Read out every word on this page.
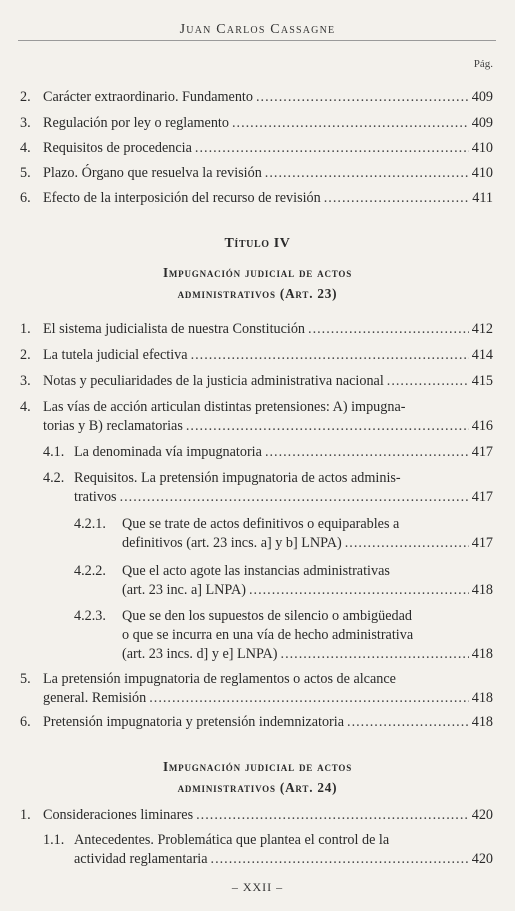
Juan Carlos Cassagne
Pág.
2. Carácter extraordinario. Fundamento .....	409
3. Regulación por ley o reglamento .....	409
4. Requisitos de procedencia .....	410
5. Plazo. Órgano que resuelva la revisión .....	410
6. Efecto de la interposición del recurso de revisión .....	411
Título IV
Impugnación judicial de actos
administrativos (Art. 23)
1. El sistema judicialista de nuestra Constitución .....	412
2. La tutela judicial efectiva .....	414
3. Notas y peculiaridades de la justicia administrativa nacional .....	415
4. Las vías de acción articulan distintas pretensiones: A) impugna-
torias y B) reclamatorias .....	416
4.1. La denominada vía impugnatoria .....	417
4.2. Requisitos. La pretensión impugnatoria de actos adminis-
trativos .....	417
4.2.1. Que se trate de actos definitivos o equiparables a
definitivos (art. 23 incs. a] y b] LNPA) .....	417
4.2.2. Que el acto agote las instancias administrativas
(art. 23 inc. a] LNPA) .....	418
4.2.3. Que se den los supuestos de silencio o ambigüedad
o que se incurra en una vía de hecho administrativa
(art. 23 incs. d] y e] LNPA) .....	418
5. La pretensión impugnatoria de reglamentos o actos de alcance
general. Remisión .....	418
6. Pretensión impugnatoria y pretensión indemnizatoria .....	418
Impugnación judicial de actos
administrativos (Art. 24)
1. Consideraciones liminares .....	420
1.1. Antecedentes. Problemática que plantea el control de la
actividad reglamentaria .....	420
– XXII –
